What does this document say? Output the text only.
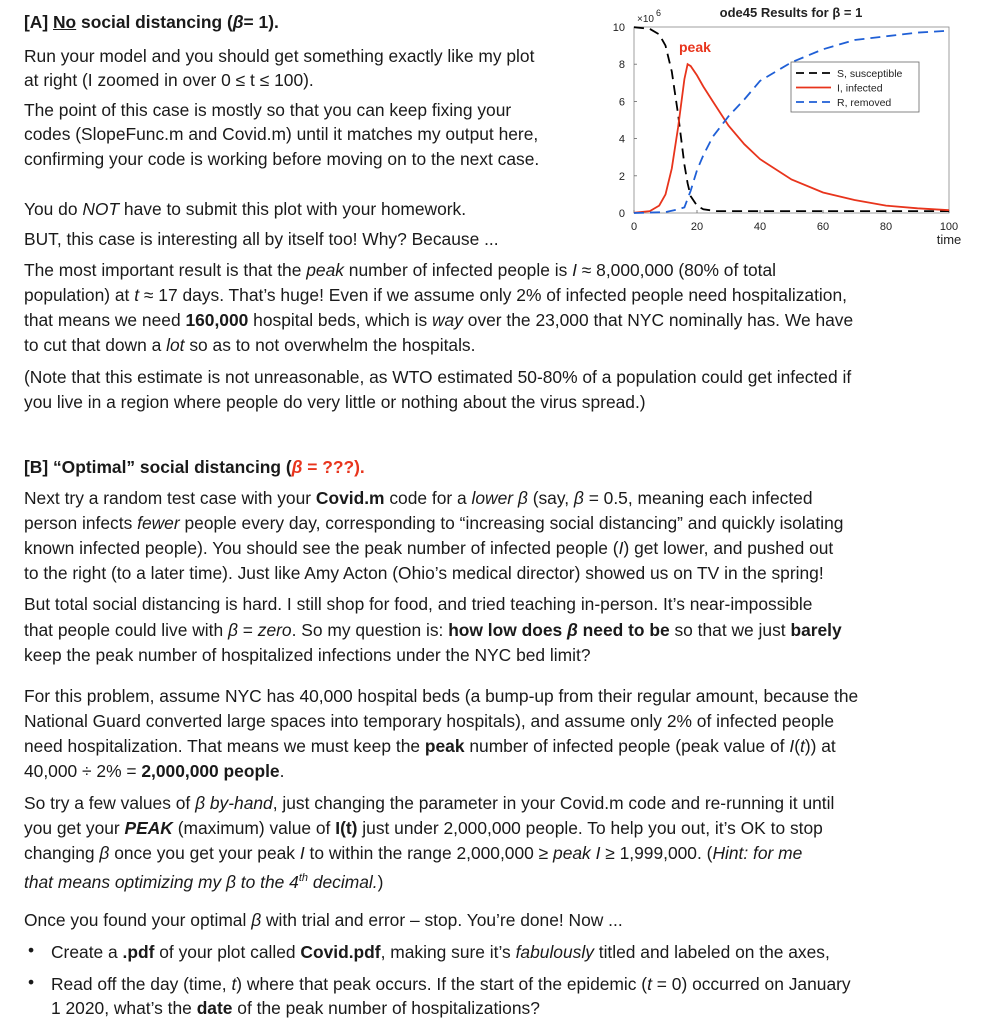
[A] No social distancing (β= 1).
Run your model and you should get something exactly like my plot
at right (I zoomed in over 0 ≤ t ≤ 100).
The point of this case is mostly so that you can keep fixing your
codes (SlopeFunc.m and Covid.m) until it matches my output here,
confirming your code is working before moving on to the next case.
You do NOT have to submit this plot with your homework.
BUT, this case is interesting all by itself too! Why? Because ...
The most important result is that the peak number of infected people is I ≈ 8,000,000 (80% of total
population) at t ≈ 17 days. That’s huge! Even if we assume only 2% of infected people need hospitalization,
that means we need 160,000 hospital beds, which is way over the 23,000 that NYC nominally has. We have
to cut that down a lot so as to not overwhelm the hospitals.
(Note that this estimate is not unreasonable, as WTO estimated 50-80% of a population could get infected if
you live in a region where people do very little or nothing about the virus spread.)
0	20	40	60	80	100
0
2
4
6
8
10
×10
6	ode45 Results for β = 1
time
peak
S, susceptible
I, infected
R, removed
[B] “Optimal” social distancing (β = ???).
Next try a random test case with your Covid.m code for a lower β (say, β = 0.5, meaning each infected
person infects fewer people every day, corresponding to “increasing social distancing” and quickly isolating
known infected people). You should see the peak number of infected people (I) get lower, and pushed out
to the right (to a later time). Just like Amy Acton (Ohio’s medical director) showed us on TV in the spring!
But total social distancing is hard. I still shop for food, and tried teaching in-person. It’s near-impossible
that people could live with β = zero. So my question is: how low does β need to be so that we just barely
keep the peak number of hospitalized infections under the NYC bed limit?
For this problem, assume NYC has 40,000 hospital beds (a bump-up from their regular amount, because the
National Guard converted large spaces into temporary hospitals), and assume only 2% of infected people
need hospitalization. That means we must keep the peak number of infected people (peak value of I(t)) at
40,000 ÷ 2% = 2,000,000 people.
So try a few values of β by-hand, just changing the parameter in your Covid.m code and re-running it until
you get your PEAK (maximum) value of I(t) just under 2,000,000 people. To help you out, it’s OK to stop
changing β once you get your peak I to within the range 2,000,000 ≥ peak I ≥ 1,999,000. (Hint: for me
that means optimizing my β to the 4th decimal.)
Once you found your optimal β with trial and error – stop. You’re done! Now ...
• Create a .pdf of your plot called Covid.pdf, making sure it’s fabulously titled and labeled on the axes,
• Read off the day (time, t) where that peak occurs. If the start of the epidemic (t = 0) occurred on January
1 2020, what’s the date of the peak number of hospitalizations?
